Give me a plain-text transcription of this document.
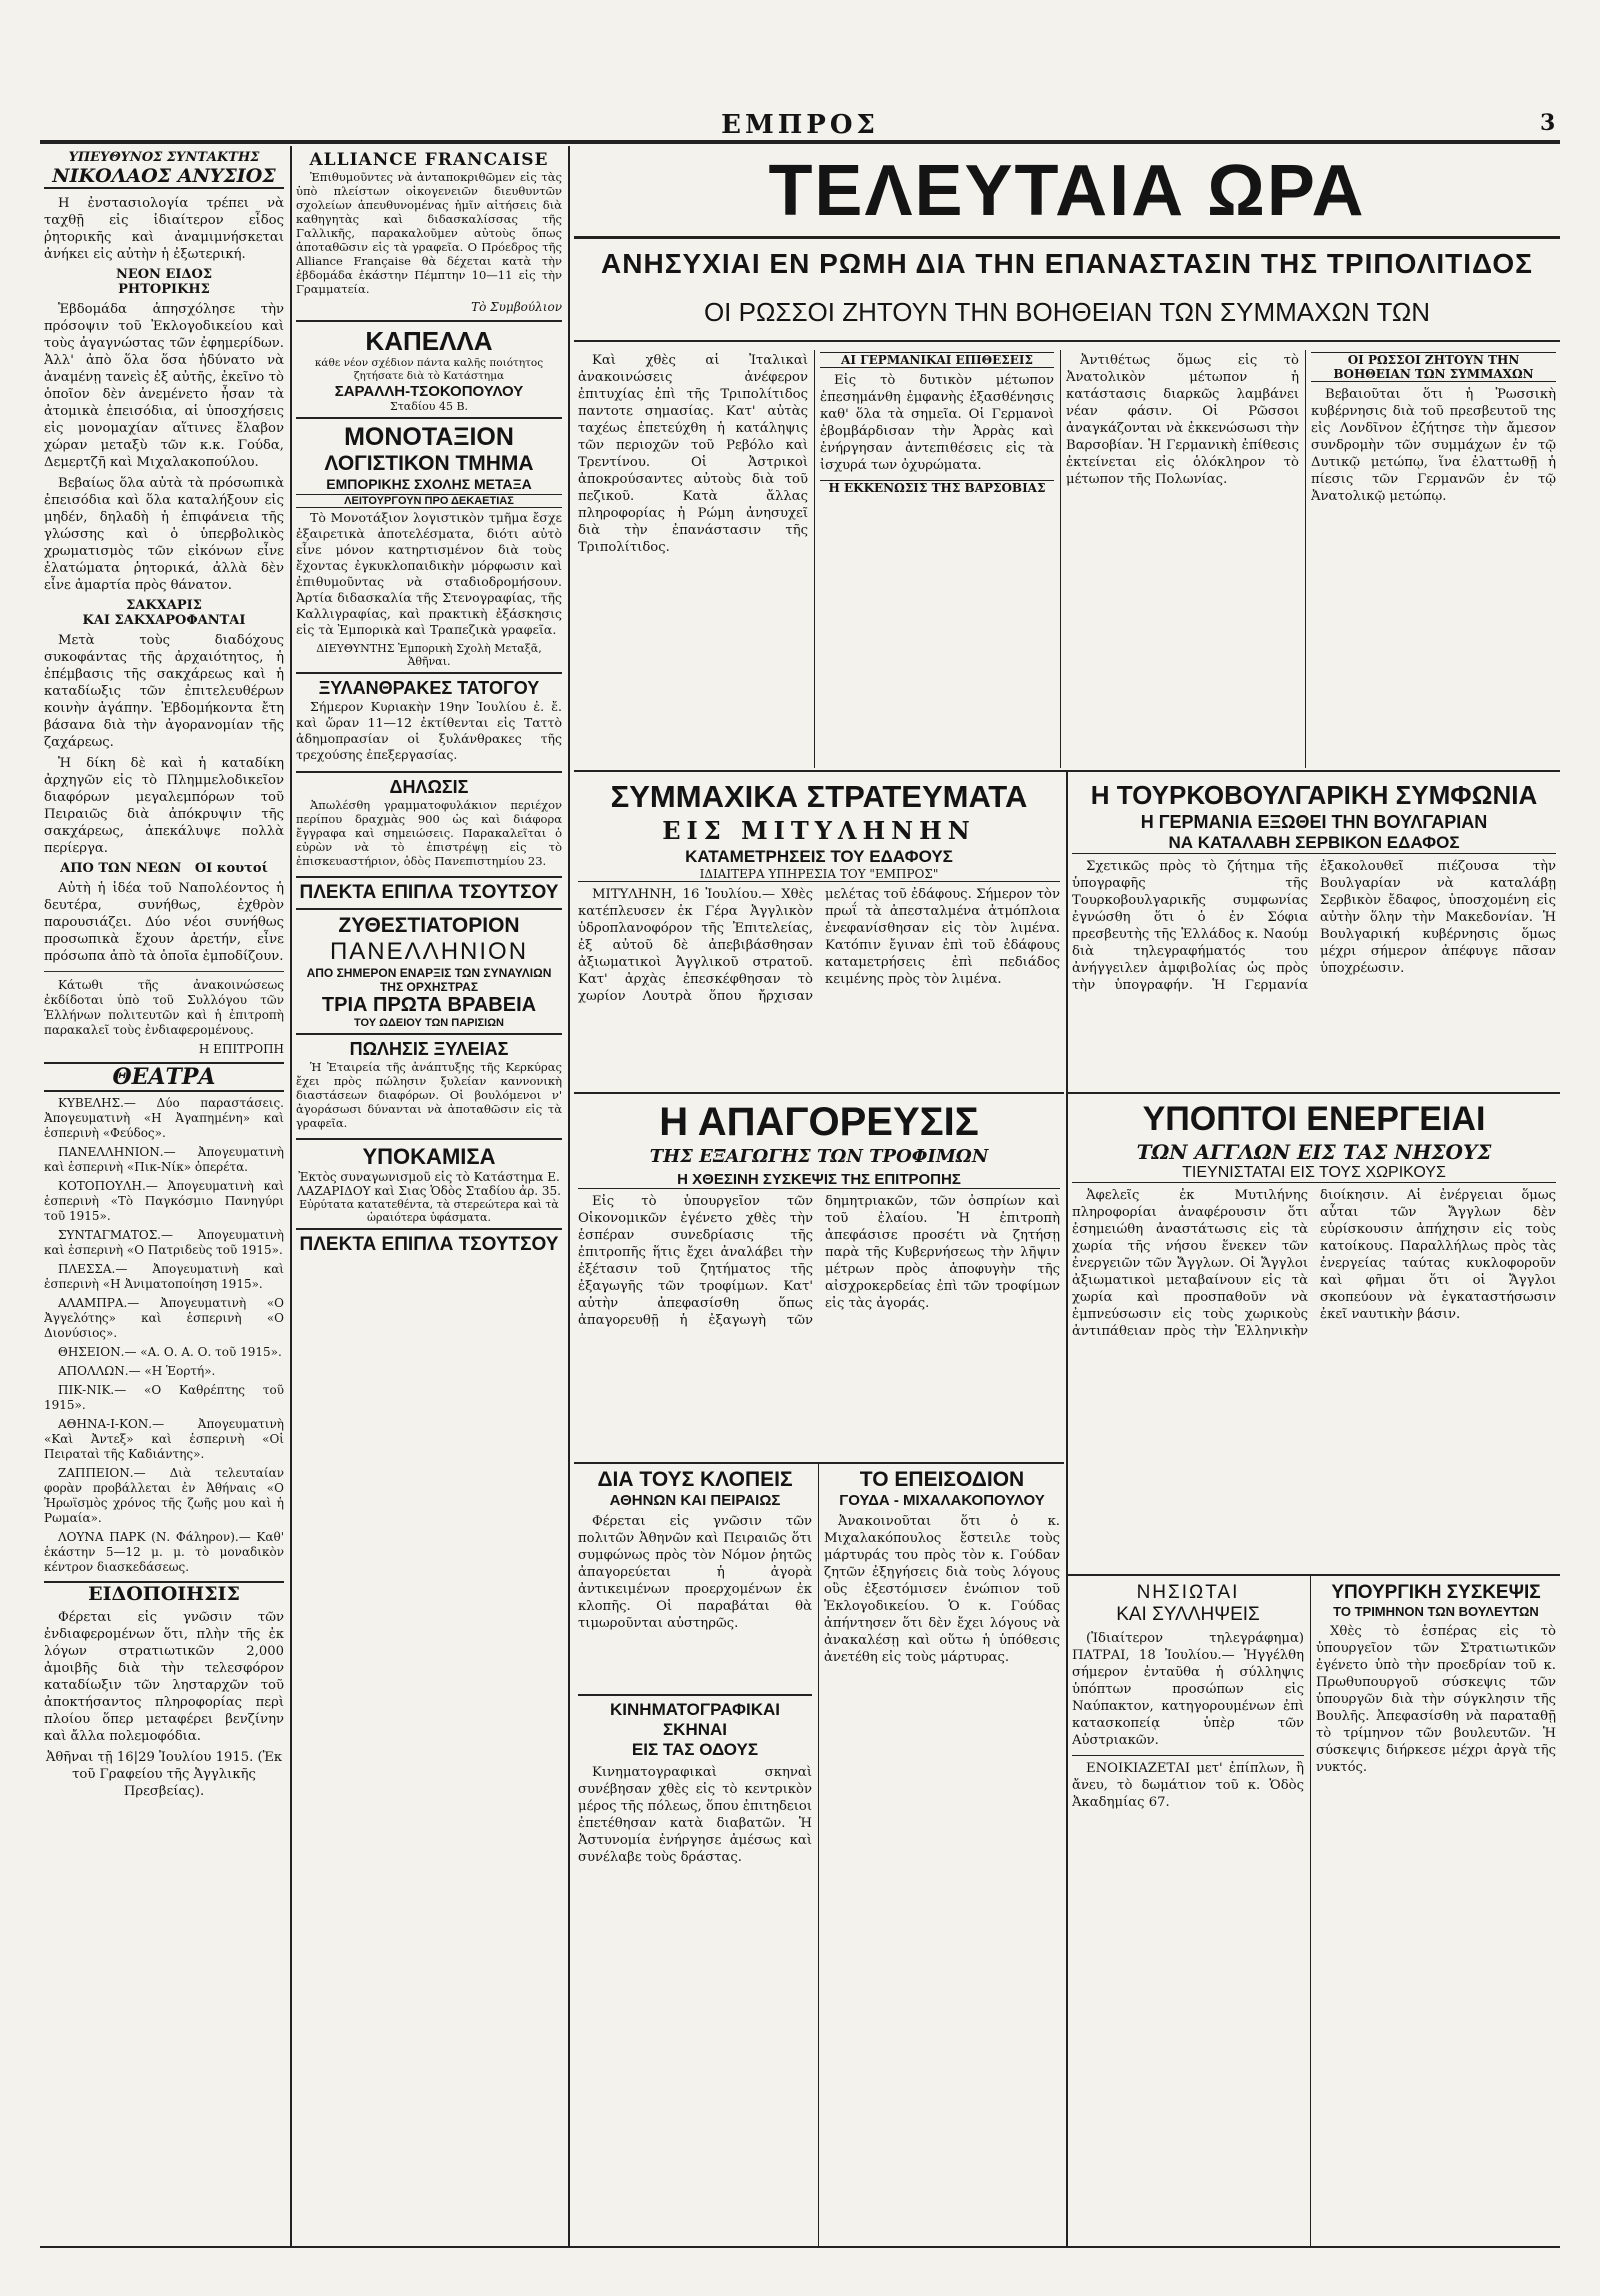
ΕΜΠΡΟΣ	3
ΥΠΕΥΘΥΝΟΣ ΣΥΝΤΑΚΤΗΣ
ΝΙΚΟΛΑΟΣ ΑΝΥΣΙΟΣ

Η ἐνστασιολογία τρέπει νὰ ταχθῇ εἰς ἰδιαίτερον εἶδος ῥητορικῆς καὶ ἀναμιμνήσκεται ἀνήκει εἰς αὐτὴν ἡ ἐξωτερική.

ΝΕΟΝ ΕΙΔΟΣ
ΡΗΤΟΡΙΚΗΣ

Ἑβδομάδα ἀπησχόλησε τὴν πρόσοψιν τοῦ Ἐκλογοδικείου καὶ τοὺς ἀγαγνώστας τῶν ἐφημερίδων. Ἀλλ' ἀπὸ ὅλα ὅσα ἠδύνατο νὰ ἀναμένῃ τανεὶς ἐξ αὐτῆς, ἐκεῖνο τὸ ὁποῖον δὲν ἀνεμένετο ἦσαν τὰ ἀτομικὰ ἐπεισόδια, αἱ ὑποσχήσεις εἰς μονομαχίαν αἵτινες ἔλαβον χώραν μεταξὺ τῶν κ.κ. Γούδα, Δεμερτζῆ καὶ Μιχαλακοπούλου.

Βεβαίως ὅλα αὐτὰ τὰ πρόσωπικὰ ἐπεισόδια καὶ ὅλα καταλήξουν εἰς μηδέν, δηλαδὴ ἡ ἐπιφάνεια τῆς γλώσσης καὶ ὁ ὑπερβολικὸς χρωματισμὸς τῶν εἰκόνων εἶνε ἐλατώματα ῥητορικά, ἀλλὰ δὲν εἶνε ἁμαρτία πρὸς θάνατον.

ΣΑΚΧΑΡΙΣ
ΚΑΙ ΣΑΚΧΑΡΟΦΑΝΤΑΙ

Μετὰ τοὺς διαδόχους συκοφάντας τῆς ἀρχαιότητος, ἡ ἐπέμβασις τῆς σακχάρεως καὶ ἡ καταδίωξις τῶν ἐπιτελευθέρων κοινὴν ἀγάπην. Ἐβδομήκοντα ἔτη βάσανα διὰ τὴν ἀγορανομίαν τῆς ζαχάρεως.

Ἡ δίκη δὲ καὶ ἡ καταδίκη ἀρχηγῶν εἰς τὸ Πλημμελοδικεῖον διαφόρων μεγαλεμπόρων τοῦ Πειραιῶς διὰ ἀπόκρυψιν τῆς σακχάρεως, ἀπεκάλυψε πολλὰ περίεργα.

ΑΠΟ ΤΩΝ ΝΕΩΝ ΟΙ κουτοί

Αὐτὴ ἡ ἰδέα τοῦ Ναπολέοντος ἡ δευτέρα, συνήθως, ἐχθρὸν παρουσιάζει. Δύο νέοι συνήθως προσωπικὰ ἔχουν ἀρετήν, εἶνε πρόσωπα ἀπὸ τὰ ὁποῖα ἐμποδίζουν.

Κάτωθι τῆς ἀνακοινώσεως ἐκδίδοται ὑπὸ τοῦ Συλλόγου τῶν Ἑλλήνων πολιτευτῶν καὶ ἡ ἐπιτροπὴ παρακαλεῖ τοὺς ἐνδιαφερομένους.

Η ΕΠΙΤΡΟΠΗ
ΘΕΑΤΡΑ

ΚΥΒΕΛΗΣ.— Δύο παραστάσεις. Ἀπογευματινὴ «Η Ἀγαπημένη» καὶ ἑσπερινὴ «Φεύδος».

ΠΑΝΕΛΛΗΝΙΟΝ.— Ἀπογευματινὴ καὶ ἑσπερινὴ «Πικ-Νίκ» ὀπερέτα.

ΚΟΤΟΠΟΥΛΗ.— Ἀπογευματινὴ καὶ ἑσπερινὴ «Τὸ Παγκόσμιο Πανηγύρι τοῦ 1915».

ΣΥΝΤΑΓΜΑΤΟΣ.— Ἀπογευματινὴ καὶ ἑσπερινὴ «Ο Πατριδεὺς τοῦ 1915».

ΠΛΕΣΣΑ.— Ἀπογευματινὴ καὶ ἑσπερινὴ «Η Ἀνιματοποίηση 1915».

ΑΛΑΜΠΡΑ.— Ἀπογευματινὴ «Ο Ἀγγελότης» καὶ ἑσπερινὴ «Ο Διονύσιος».

ΘΗΣΕΙΟΝ.— «Α. Ο. Α. Ο. τοῦ 1915».

ΑΠΟΛΛΩΝ.— «Η Ἑορτή».

ΠΙΚ-ΝΙΚ.— «Ο Καθρέπτης τοῦ 1915».

ΑΘΗΝΑ-Ι-ΚΟΝ.— Ἀπογευματινὴ «Καὶ Ἀντεξ» καὶ ἑσπερινὴ «Οἱ Πειραταὶ τῆς Καδιάντης».

ΖΑΠΠΕΙΟΝ.— Διὰ τελευταίαν φορὰν προβάλλεται ἐν Ἀθήναις «Ο Ἠρωϊσμὸς χρόνος τῆς ζωῆς μου καὶ ἡ Ρωμαία».

ΛΟΥΝΑ ΠΑΡΚ (Ν. Φάληρον).— Καθ' ἑκάστην 5—12 μ. μ. τὸ μοναδικὸν κέντρον διασκεδάσεως.

ΕΙΔΟΠΟΙΗΣΙΣ

Φέρεται εἰς γνῶσιν τῶν ἐνδιαφερομένων ὅτι, πλὴν τῆς ἐκ λόγων στρατιωτικῶν 2,000 ἀμοιβῆς διὰ τὴν τελεσφόρον καταδίωξιν τῶν λησταρχῶν τοῦ ἀποκτήσαντος πληροφορίας περὶ πλοίου ὅπερ μεταφέρει βενζίνην καὶ ἄλλα πολεμοφόδια.

Ἀθῆναι τῇ 16|29 Ἰουλίου 1915. (Ἐκ τοῦ Γραφείου τῆς Ἀγγλικῆς Πρεσβείας).

ALLIANCE FRANCAISE

Ἐπιθυμοῦντες νὰ ἀνταποκριθῶμεν εἰς τὰς ὑπὸ πλείστων οἰκογενειῶν διευθυντῶν σχολείων ἀπευθυνομένας ἡμῖν αἰτήσεις διὰ καθηγητὰς καὶ διδασκαλίσσας τῆς Γαλλικῆς, παρακαλοῦμεν αὐτοὺς ὅπως ἀποταθῶσιν εἰς τὰ γραφεῖα. Ο Πρόεδρος τῆς Alliance Française θὰ δέχεται κατὰ τὴν ἑβδομάδα ἐκάστην Πέμπτην 10—11 εἰς τὴν Γραμματεία.

Τὸ Συμβούλιον
ΚΑΠΕΛΛΑ
κάθε νέον σχέδιον πάντα καλῆς ποιότητος ζητήσατε διὰ τὸ Κατάστημα
ΣΑΡΑΛΛΗ-ΤΣΟΚΟΠΟΥΛΟΥ
Σταδίου 45 Β.
ΜΟΝΟΤΑΞΙΟΝ
ΛΟΓΙΣΤΙΚΟΝ ΤΜΗΜΑ
ΕΜΠΟΡΙΚΗΣ ΣΧΟΛΗΣ ΜΕΤΑΞΑ
ΛΕΙΤΟΥΡΓΟΥΝ ΠΡΟ ΔΕΚΑΕΤΙΑΣ

Τὸ Μονοτάξιον λογιστικὸν τμῆμα ἔσχε ἐξαιρετικὰ ἀποτελέσματα, διότι αὐτὸ εἶνε μόνον κατηρτισμένον διὰ τοὺς ἔχοντας ἐγκυκλοπαιδικὴν μόρφωσιν καὶ ἐπιθυμοῦντας νὰ σταδιοδρομήσουν. Ἀρτία διδασκαλία τῆς Στενογραφίας, τῆς Καλλιγραφίας, καὶ πρακτικὴ ἐξάσκησις εἰς τὰ Ἐμπορικὰ καὶ Τραπεζικὰ γραφεῖα.

ΔΙΕΥΘΥΝΤΗΣ Ἐμπορικὴ Σχολὴ Μεταξᾶ, Ἀθῆναι.
ΞΥΛΑΝΘΡΑΚΕΣ ΤΑΤΟΓΟΥ

Σήμερον Κυριακὴν 19ην Ἰουλίου ἐ. ἔ. καὶ ὥραν 11—12 ἐκτίθενται εἰς Ταττὸ ἀδημοπρασίαν οἱ ξυλάνθρακες τῆς τρεχούσης ἐπεξεργασίας.

ΔΗΛΩΣΙΣ

Ἀπωλέσθη γραμματοφυλάκιον περιέχον περίπου δραχμὰς 900 ὡς καὶ διάφορα ἔγγραφα καὶ σημειώσεις. Παρακαλεῖται ὁ εὑρὼν νὰ τὸ ἐπιστρέψῃ εἰς τὸ ἐπισκευαστήριον, ὁδὸς Πανεπιστημίου 23.

ΠΛΕΚΤΑ ΕΠΙΠΛΑ ΤΣΟΥΤΣΟΥ
ΖΥΘΕΣΤΙΑΤΟΡΙΟΝ
ΠΑΝΕΛΛΗΝΙΟΝ
ΑΠΟ ΣΗΜΕΡΟΝ ΕΝΑΡΞΙΣ ΤΩΝ ΣΥΝΑΥΛΙΩΝ ΤΗΣ ΟΡΧΗΣΤΡΑΣ
ΤΡΙΑ ΠΡΩΤΑ ΒΡΑΒΕΙΑ
ΤΟΥ ΩΔΕΙΟΥ ΤΩΝ ΠΑΡΙΣΙΩΝ
ΠΩΛΗΣΙΣ ΞΥΛΕΙΑΣ

Ἡ Ἐταιρεία τῆς ἀνάπτυξης τῆς Κερκύρας ἔχει πρὸς πώλησιν ξυλείαν καννονικὴ διαστάσεων διαφόρων. Οἱ βουλόμενοι ν' ἀγοράσωσι δύνανται νὰ ἀποταθῶσιν εἰς τὰ γραφεῖα.

ΥΠΟΚΑΜΙΣΑ
Ἐκτὸς συναγωνισμοῦ εἰς τὸ Κατάστημα Ε. ΛΑΖΑΡΙΔΟΥ καὶ Σιας Ὁδὸς Σταδίου ἀρ. 35.
Εὐρύτατα κατατεθέντα, τὰ στερεώτερα καὶ τὰ ὡραιότερα ὑφάσματα.
ΠΛΕΚΤΑ ΕΠΙΠΛΑ ΤΣΟΥΤΣΟΥ
ΤΕΛΕΥΤΑΙΑ ΩΡΑ
ΑΝΗΣΥΧΙΑΙ ΕΝ ΡΩΜΗ ΔΙΑ ΤΗΝ ΕΠΑΝΑΣΤΑΣΙΝ ΤΗΣ ΤΡΙΠΟΛΙΤΙΔΟΣ
ΟΙ ΡΩΣΣΟΙ ΖΗΤΟΥΝ ΤΗΝ ΒΟΗΘΕΙΑΝ ΤΩΝ ΣΥΜΜΑΧΩΝ ΤΩΝ

Καὶ χθὲς αἱ Ἰταλικαὶ ἀνακοινώσεις ἀνέφερον ἐπιτυχίας ἐπὶ τῆς Τριπολίτιδος παντοτε σημασίας. Κατ' αὐτὰς ταχέως ἐπετεύχθη ἡ κατάληψις τῶν περιοχῶν τοῦ Ρεβόλο καὶ Τρεντίνου. Οἱ Ἀστρικοὶ ἀποκρούσαντες αὐτοὺς διὰ τοῦ πεζικοῦ. Κατὰ ἄλλας πληροφορίας ἡ Ρώμη ἀνησυχεῖ διὰ τὴν ἐπανάστασιν τῆς Τριπολίτιδος.

ΑΙ ΓΕΡΜΑΝΙΚΑΙ ΕΠΙΘΕΣΕΙΣ

Εἰς τὸ δυτικὸν μέτωπον ἐπεσημάνθη ἐμφανὴς ἐξασθένησις καθ' ὅλα τὰ σημεῖα. Οἱ Γερμανοὶ ἐβομβάρδισαν τὴν Ἀρρὰς καὶ ἐνήργησαν ἀντεπιθέσεις εἰς τὰ ἰσχυρά των ὀχυρώματα.

Η ΕΚΚΕΝΩΣΙΣ ΤΗΣ ΒΑΡΣΟΒΙΑΣ

Ἀντιθέτως ὅμως εἰς τὸ Ἀνατολικὸν μέτωπον ἡ κατάστασις διαρκῶς λαμβάνει νέαν φάσιν. Οἱ Ρῶσσοι ἀναγκάζονται νὰ ἐκκενώσωσι τὴν Βαρσοβίαν. Ἡ Γερμανικὴ ἐπίθεσις ἐκτείνεται εἰς ὁλόκληρον τὸ μέτωπον τῆς Πολωνίας.

ΟΙ ΡΩΣΣΟΙ ΖΗΤΟΥΝ ΤΗΝ ΒΟΗΘΕΙΑΝ ΤΩΝ ΣΥΜΜΑΧΩΝ

Βεβαιοῦται ὅτι ἡ Ῥωσσικὴ κυβέρνησις διὰ τοῦ πρεσβευτοῦ της εἰς Λονδῖνον ἐζήτησε τὴν ἄμεσον συνδρομὴν τῶν συμμάχων ἐν τῷ Δυτικῷ μετώπῳ, ἵνα ἐλαττωθῇ ἡ πίεσις τῶν Γερμανῶν ἐν τῷ Ἀνατολικῷ μετώπῳ.

ΣΥΜΜΑΧΙΚΑ ΣΤΡΑΤΕΥΜΑΤΑ
ΕΙΣ ΜΙΤΥΛΗΝΗΝ
ΚΑΤΑΜΕΤΡΗΣΕΙΣ ΤΟΥ ΕΔΑΦΟΥΣ
ΙΔΙΑΙΤΕΡΑ ΥΠΗΡΕΣΙΑ ΤΟΥ "ΕΜΠΡΟΣ"

ΜΙΤΥΛΗΝΗ, 16 Ἰουλίου.— Χθὲς κατέπλευσεν ἐκ Γέρα Ἀγγλικὸν ὑδροπλανοφόρον τῆς Ἐπιτελείας, ἐξ αὐτοῦ δὲ ἀπεβιβάσθησαν ἀξιωματικοὶ Ἀγγλικοῦ στρατοῦ. Κατ' ἀρχὰς ἐπεσκέφθησαν τὸ χωρίον Λουτρὰ ὅπου ἤρχισαν μελέτας τοῦ ἐδάφους. Σήμερον τὸν πρωΐ τὰ ἀπεσταλμένα ἀτμόπλοια ἐνεφανίσθησαν εἰς τὸν λιμένα. Κατόπιν ἔγιναν ἐπὶ τοῦ ἐδάφους καταμετρήσεις ἐπὶ πεδιάδος κειμένης πρὸς τὸν λιμένα.

Η ΑΠΑΓΟΡΕΥΣΙΣ
ΤΗΣ ΕΞΑΓΩΓΗΣ ΤΩΝ ΤΡΟΦΙΜΩΝ
Η ΧΘΕΣΙΝΗ ΣΥΣΚΕΨΙΣ ΤΗΣ ΕΠΙΤΡΟΠΗΣ

Εἰς τὸ ὑπουργεῖον τῶν Οἰκονομικῶν ἐγένετο χθὲς τὴν ἑσπέραν συνεδρίασις τῆς ἐπιτροπῆς ἥτις ἔχει ἀναλάβει τὴν ἐξέτασιν τοῦ ζητήματος τῆς ἐξαγωγῆς τῶν τροφίμων. Κατ' αὐτὴν ἀπεφασίσθη ὅπως ἀπαγορευθῇ ἡ ἐξαγωγὴ τῶν δημητριακῶν, τῶν ὀσπρίων καὶ τοῦ ἐλαίου. Ἡ ἐπιτροπὴ ἀπεφάσισε προσέτι νὰ ζητήσῃ παρὰ τῆς Κυβερνήσεως τὴν λῆψιν μέτρων πρὸς ἀποφυγὴν τῆς αἰσχροκερδείας ἐπὶ τῶν τροφίμων εἰς τὰς ἀγοράς.

ΔΙΑ ΤΟΥΣ ΚΛΟΠΕΙΣ
ΑΘΗΝΩΝ ΚΑΙ ΠΕΙΡΑΙΩΣ

Φέρεται εἰς γνῶσιν τῶν πολιτῶν Ἀθηνῶν καὶ Πειραιῶς ὅτι συμφώνως πρὸς τὸν Νόμον ῥητῶς ἀπαγορεύεται ἡ ἀγορὰ ἀντικειμένων προερχομένων ἐκ κλοπῆς. Οἱ παραβάται θὰ τιμωροῦνται αὐστηρῶς.

ΤΟ ΕΠΕΙΣΟΔΙΟΝ
ΓΟΥΔΑ - ΜΙΧΑΛΑΚΟΠΟΥΛΟΥ

Ἀνακοινοῦται ὅτι ὁ κ. Μιχαλακόπουλος ἔστειλε τοὺς μάρτυράς του πρὸς τὸν κ. Γούδαν ζητῶν ἐξηγήσεις διὰ τοὺς λόγους οὓς ἐξεστόμισεν ἐνώπιον τοῦ Ἐκλογοδικείου. Ὁ κ. Γούδας ἀπήντησεν ὅτι δὲν ἔχει λόγους νὰ ἀνακαλέσῃ καὶ οὕτω ἡ ὑπόθεσις ἀνετέθη εἰς τοὺς μάρτυρας.

ΚΙΝΗΜΑΤΟΓΡΑΦΙΚΑΙ ΣΚΗΝΑΙ
ΕΙΣ ΤΑΣ ΟΔΟΥΣ

Κινηματογραφικαὶ σκηναὶ συνέβησαν χθὲς εἰς τὸ κεντρικὸν μέρος τῆς πόλεως, ὅπου ἐπιτηδειοι ἐπετέθησαν κατὰ διαβατῶν. Ἡ Ἀστυνομία ἐνήργησε ἀμέσως καὶ συνέλαβε τοὺς δράστας.

Η ΤΟΥΡΚΟΒΟΥΛΓΑΡΙΚΗ ΣΥΜΦΩΝΙΑ
Η ΓΕΡΜΑΝΙΑ ΕΞΩΘΕΙ ΤΗΝ ΒΟΥΛΓΑΡΙΑΝ
ΝΑ ΚΑΤΑΛΑΒΗ ΣΕΡΒΙΚΟΝ ΕΔΑΦΟΣ

Σχετικῶς πρὸς τὸ ζήτημα τῆς ὑπογραφῆς τῆς Τουρκοβουλγαρικῆς συμφωνίας ἐγνώσθη ὅτι ὁ ἐν Σόφια πρεσβευτὴς τῆς Ἑλλάδος κ. Ναούμ διὰ τηλεγραφήματός του ἀνήγγειλεν ἀμφιβολίας ὡς πρὸς τὴν ὑπογραφήν. Ἡ Γερμανία ἐξακολουθεῖ πιέζουσα τὴν Βουλγαρίαν νὰ καταλάβῃ Σερβικὸν ἔδαφος, ὑποσχομένη εἰς αὐτὴν ὅλην τὴν Μακεδονίαν. Ἡ Βουλγαρική κυβέρνησις ὅμως μέχρι σήμερον ἀπέφυγε πᾶσαν ὑποχρέωσιν.

ΥΠΟΠΤΟΙ ΕΝΕΡΓΕΙΑΙ
ΤΩΝ ΑΓΓΛΩΝ ΕΙΣ ΤΑΣ ΝΗΣΟΥΣ
ΤΙΕΥΝΙΣΤΑΤΑΙ ΕΙΣ ΤΟΥΣ ΧΩΡΙΚΟΥΣ

Ἀφελεῖς ἐκ Μυτιλήνης πληροφορίαι ἀναφέρουσιν ὅτι ἐσημειώθη ἀναστάτωσις εἰς τὰ χωρία τῆς νήσου ἕνεκεν τῶν ἐνεργειῶν τῶν Ἄγγλων. Οἱ Ἄγγλοι ἀξιωματικοὶ μεταβαίνουν εἰς τὰ χωρία καὶ προσπαθοῦν νὰ ἐμπνεύσωσιν εἰς τοὺς χωρικοὺς ἀντιπάθειαν πρὸς τὴν Ἑλληνικὴν διοίκησιν. Αἱ ἐνέργειαι ὅμως αὗται τῶν Ἄγγλων δὲν εὑρίσκουσιν ἀπήχησιν εἰς τοὺς κατοίκους. Παραλλήλως πρὸς τὰς ἐνεργείας ταύτας κυκλοφοροῦν καὶ φῆμαι ὅτι οἱ Ἄγγλοι σκοπεύουν νὰ ἐγκαταστήσωσιν ἐκεῖ ναυτικὴν βάσιν.

ΝΗΣΙΩΤΑΙ
ΚΑΙ ΣΥΛΛΗΨΕΙΣ

(Ἰδιαίτερον τηλεγράφημα) ΠΑΤΡΑΙ, 18 Ἰουλίου.— Ἠγγέλθη σήμερον ἐνταῦθα ἡ σύλληψις ὑπόπτων προσώπων εἰς Ναύπακτον, κατηγορουμένων ἐπὶ κατασκοπείᾳ ὑπὲρ τῶν Αὐστριακῶν.

ΕΝΟΙΚΙΑΖΕΤΑΙ μετ' ἐπίπλων, ἢ ἄνευ, τὸ δωμάτιον τοῦ κ. Ὁδὸς Ἀκαδημίας 67.

ΥΠΟΥΡΓΙΚΗ ΣΥΣΚΕΨΙΣ
ΤΟ ΤΡΙΜΗΝΟΝ ΤΩΝ ΒΟΥΛΕΥΤΩΝ

Χθὲς τὸ ἑσπέρας εἰς τὸ ὑπουργεῖον τῶν Στρατιωτικῶν ἐγένετο ὑπὸ τὴν προεδρίαν τοῦ κ. Πρωθυπουργοῦ σύσκεψις τῶν ὑπουργῶν διὰ τὴν σύγκλησιν τῆς Βουλῆς. Ἀπεφασίσθη νὰ παραταθῇ τὸ τρίμηνον τῶν βουλευτῶν. Ἡ σύσκεψις διήρκεσε μέχρι ἀργὰ τῆς νυκτός.
